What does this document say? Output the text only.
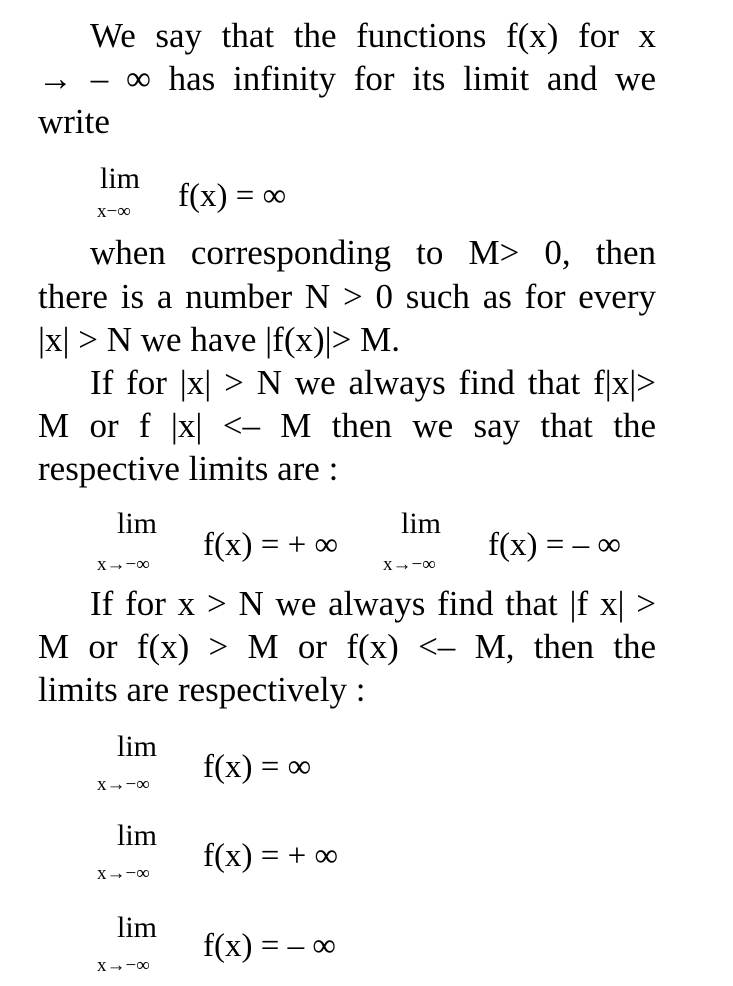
We say that the functions f(x) for x
→ – ∞ has infinity for its limit and we
write
lim
x−∞ f(x) = ∞
when corresponding to M> 0, then
there is a number N > 0 such as for every
|x| > N we have |f(x)|> M.
If for |x| > N we always find that f|x|>
M or f |x| <– M then we say that the
respective limits are :
lim
x→−∞
f(x) = + ∞
lim
x→−∞
f(x) = – ∞
If for x > N we always find that |f x| >
M or f(x) > M or f(x) <– M, then the
limits are respectively :
lim
x→−∞ f(x) = ∞
lim
x→−∞ f(x) = + ∞
lim
x→−∞
f(x) = – ∞
